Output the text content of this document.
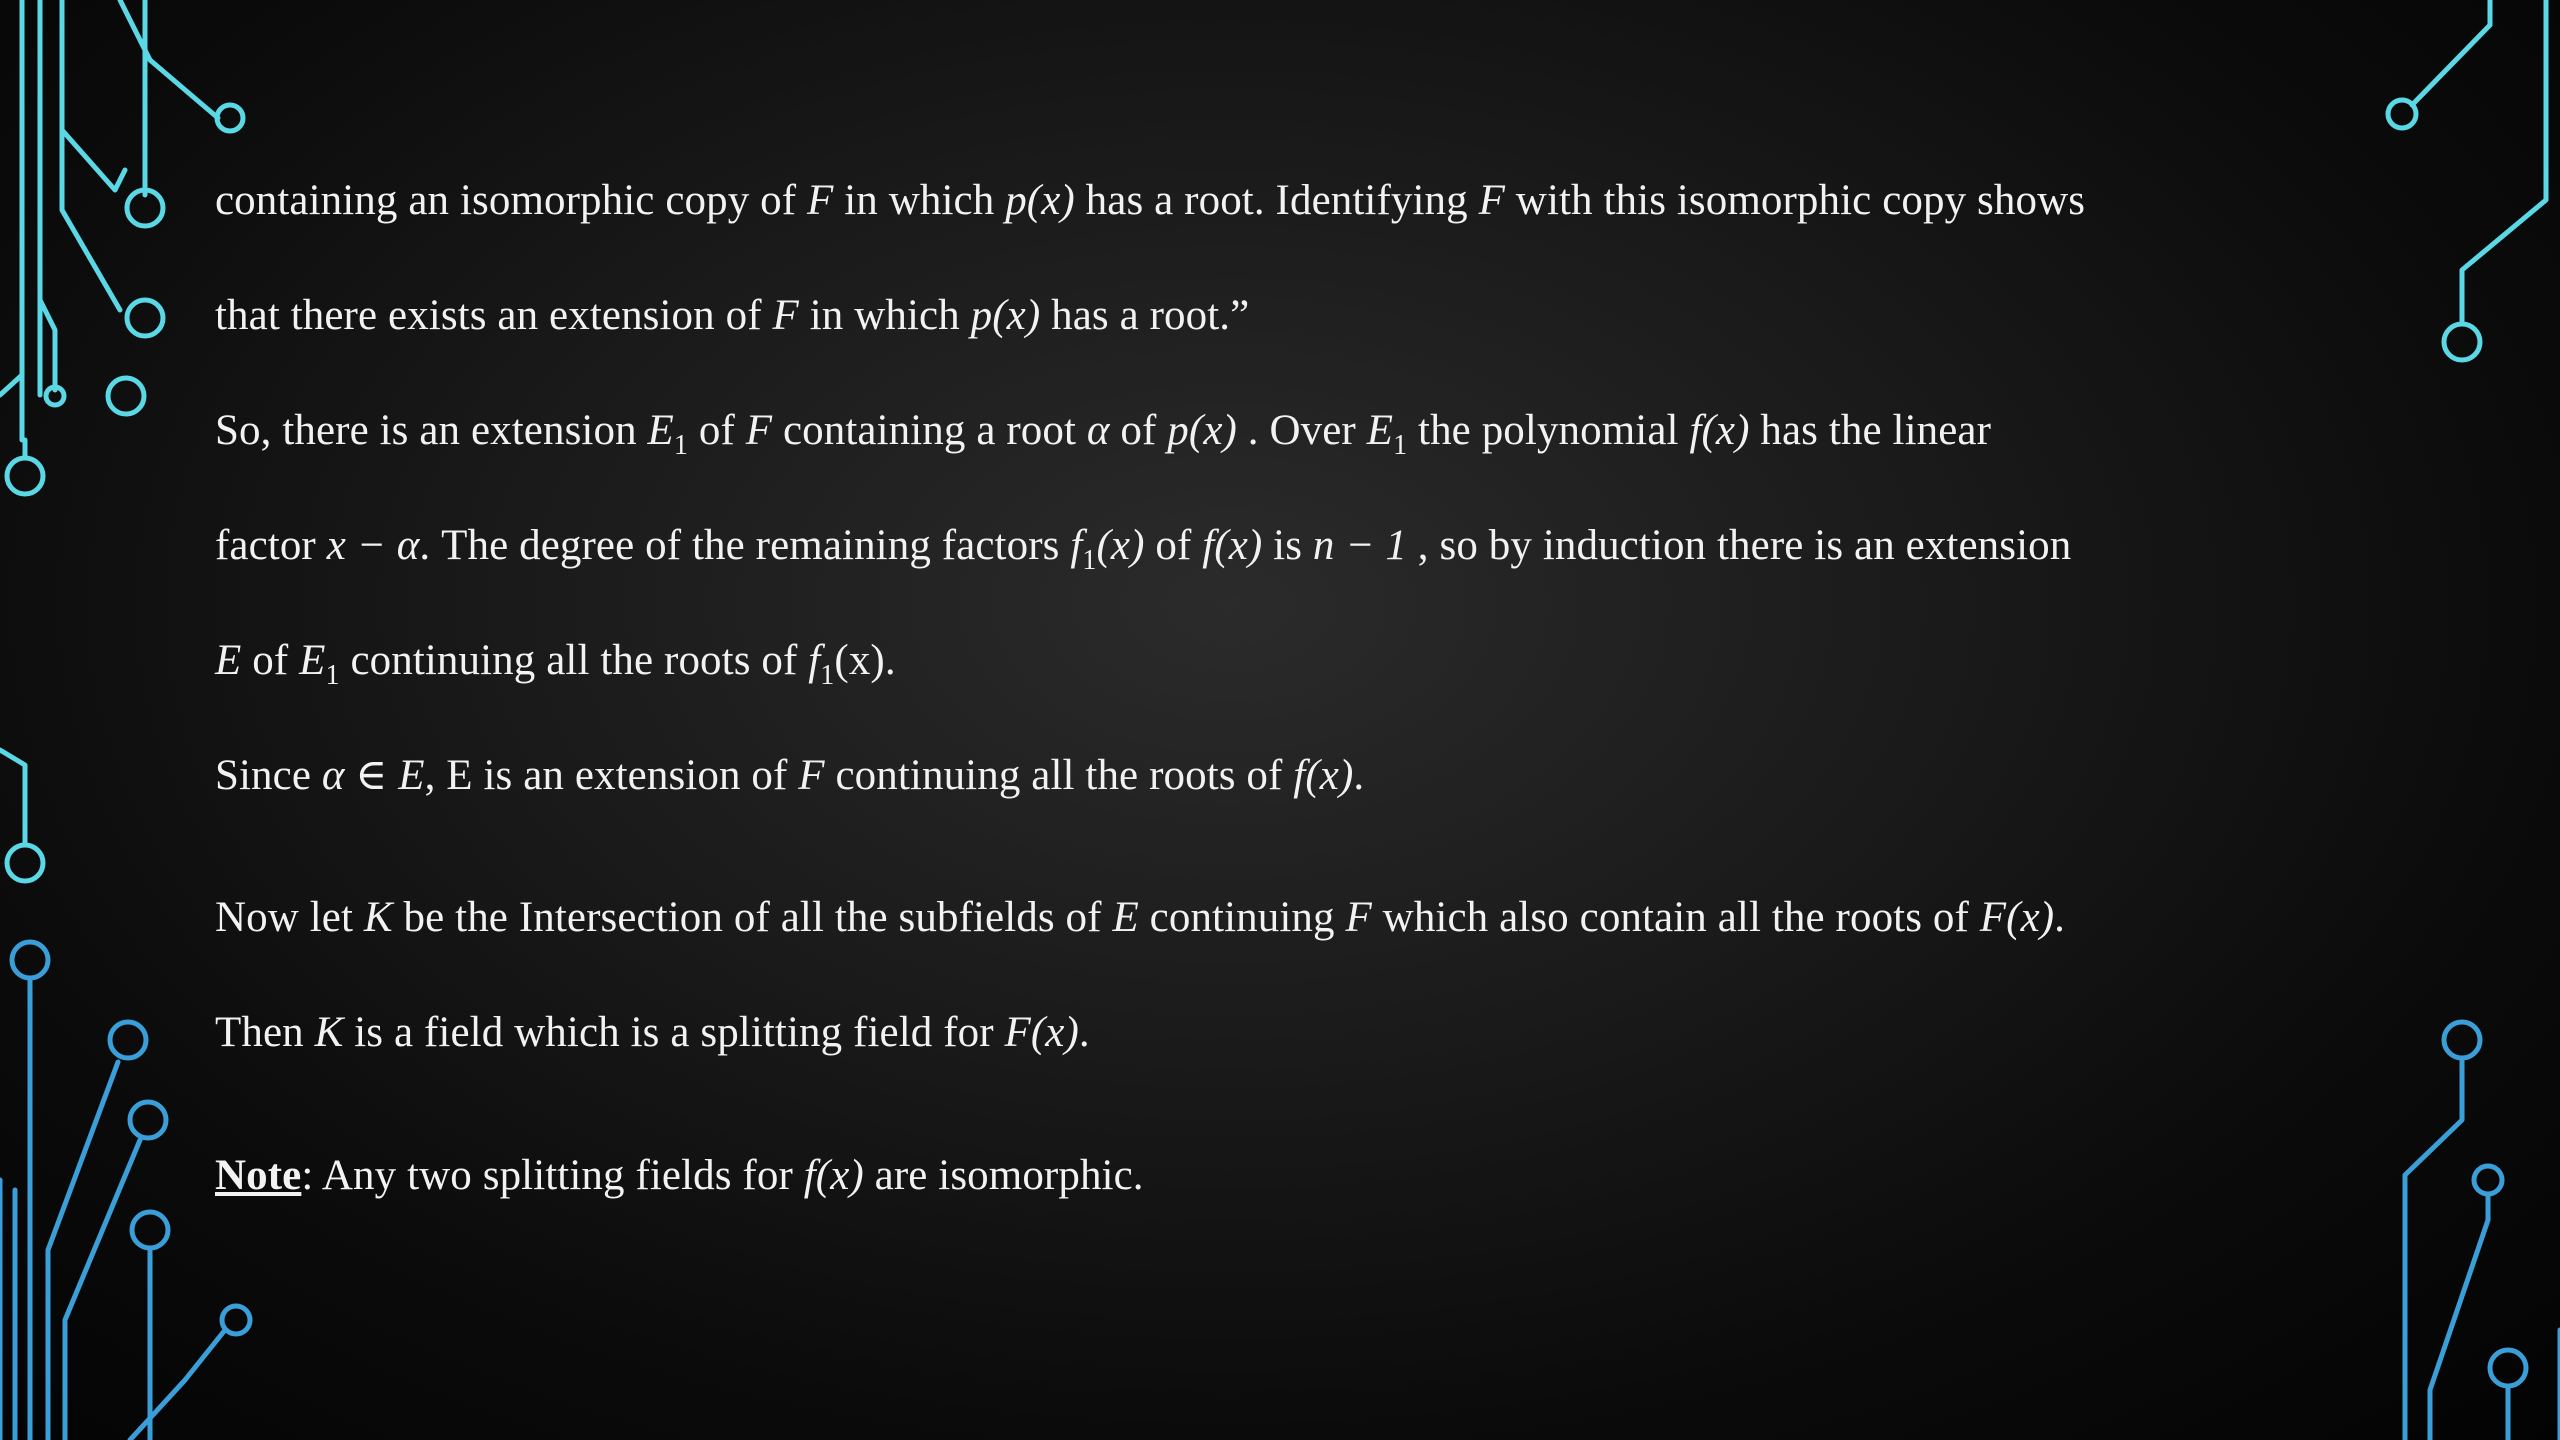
containing an isomorphic copy of F in which p(x) has a root. Identifying F with this isomorphic copy shows
that there exists an extension of F in which p(x) has a root.”
So, there is an extension $E_1$ of F containing a root α of p(x) . Over $E_1$ the polynomial f(x) has the linear
factor x − α. The degree of the remaining factors $f_1(x)$ of f(x) is n − 1 , so by induction there is an extension
E of $E_1$ continuing all the roots of $f_1(x)$.
Since α ∈ E, E is an extension of F continuing all the roots of f(x).
Now let K be the Intersection of all the subfields of E continuing F which also contain all the roots of F(x).
Then K is a field which is a splitting field for F(x).
Note: Any two splitting fields for f(x) are isomorphic.
